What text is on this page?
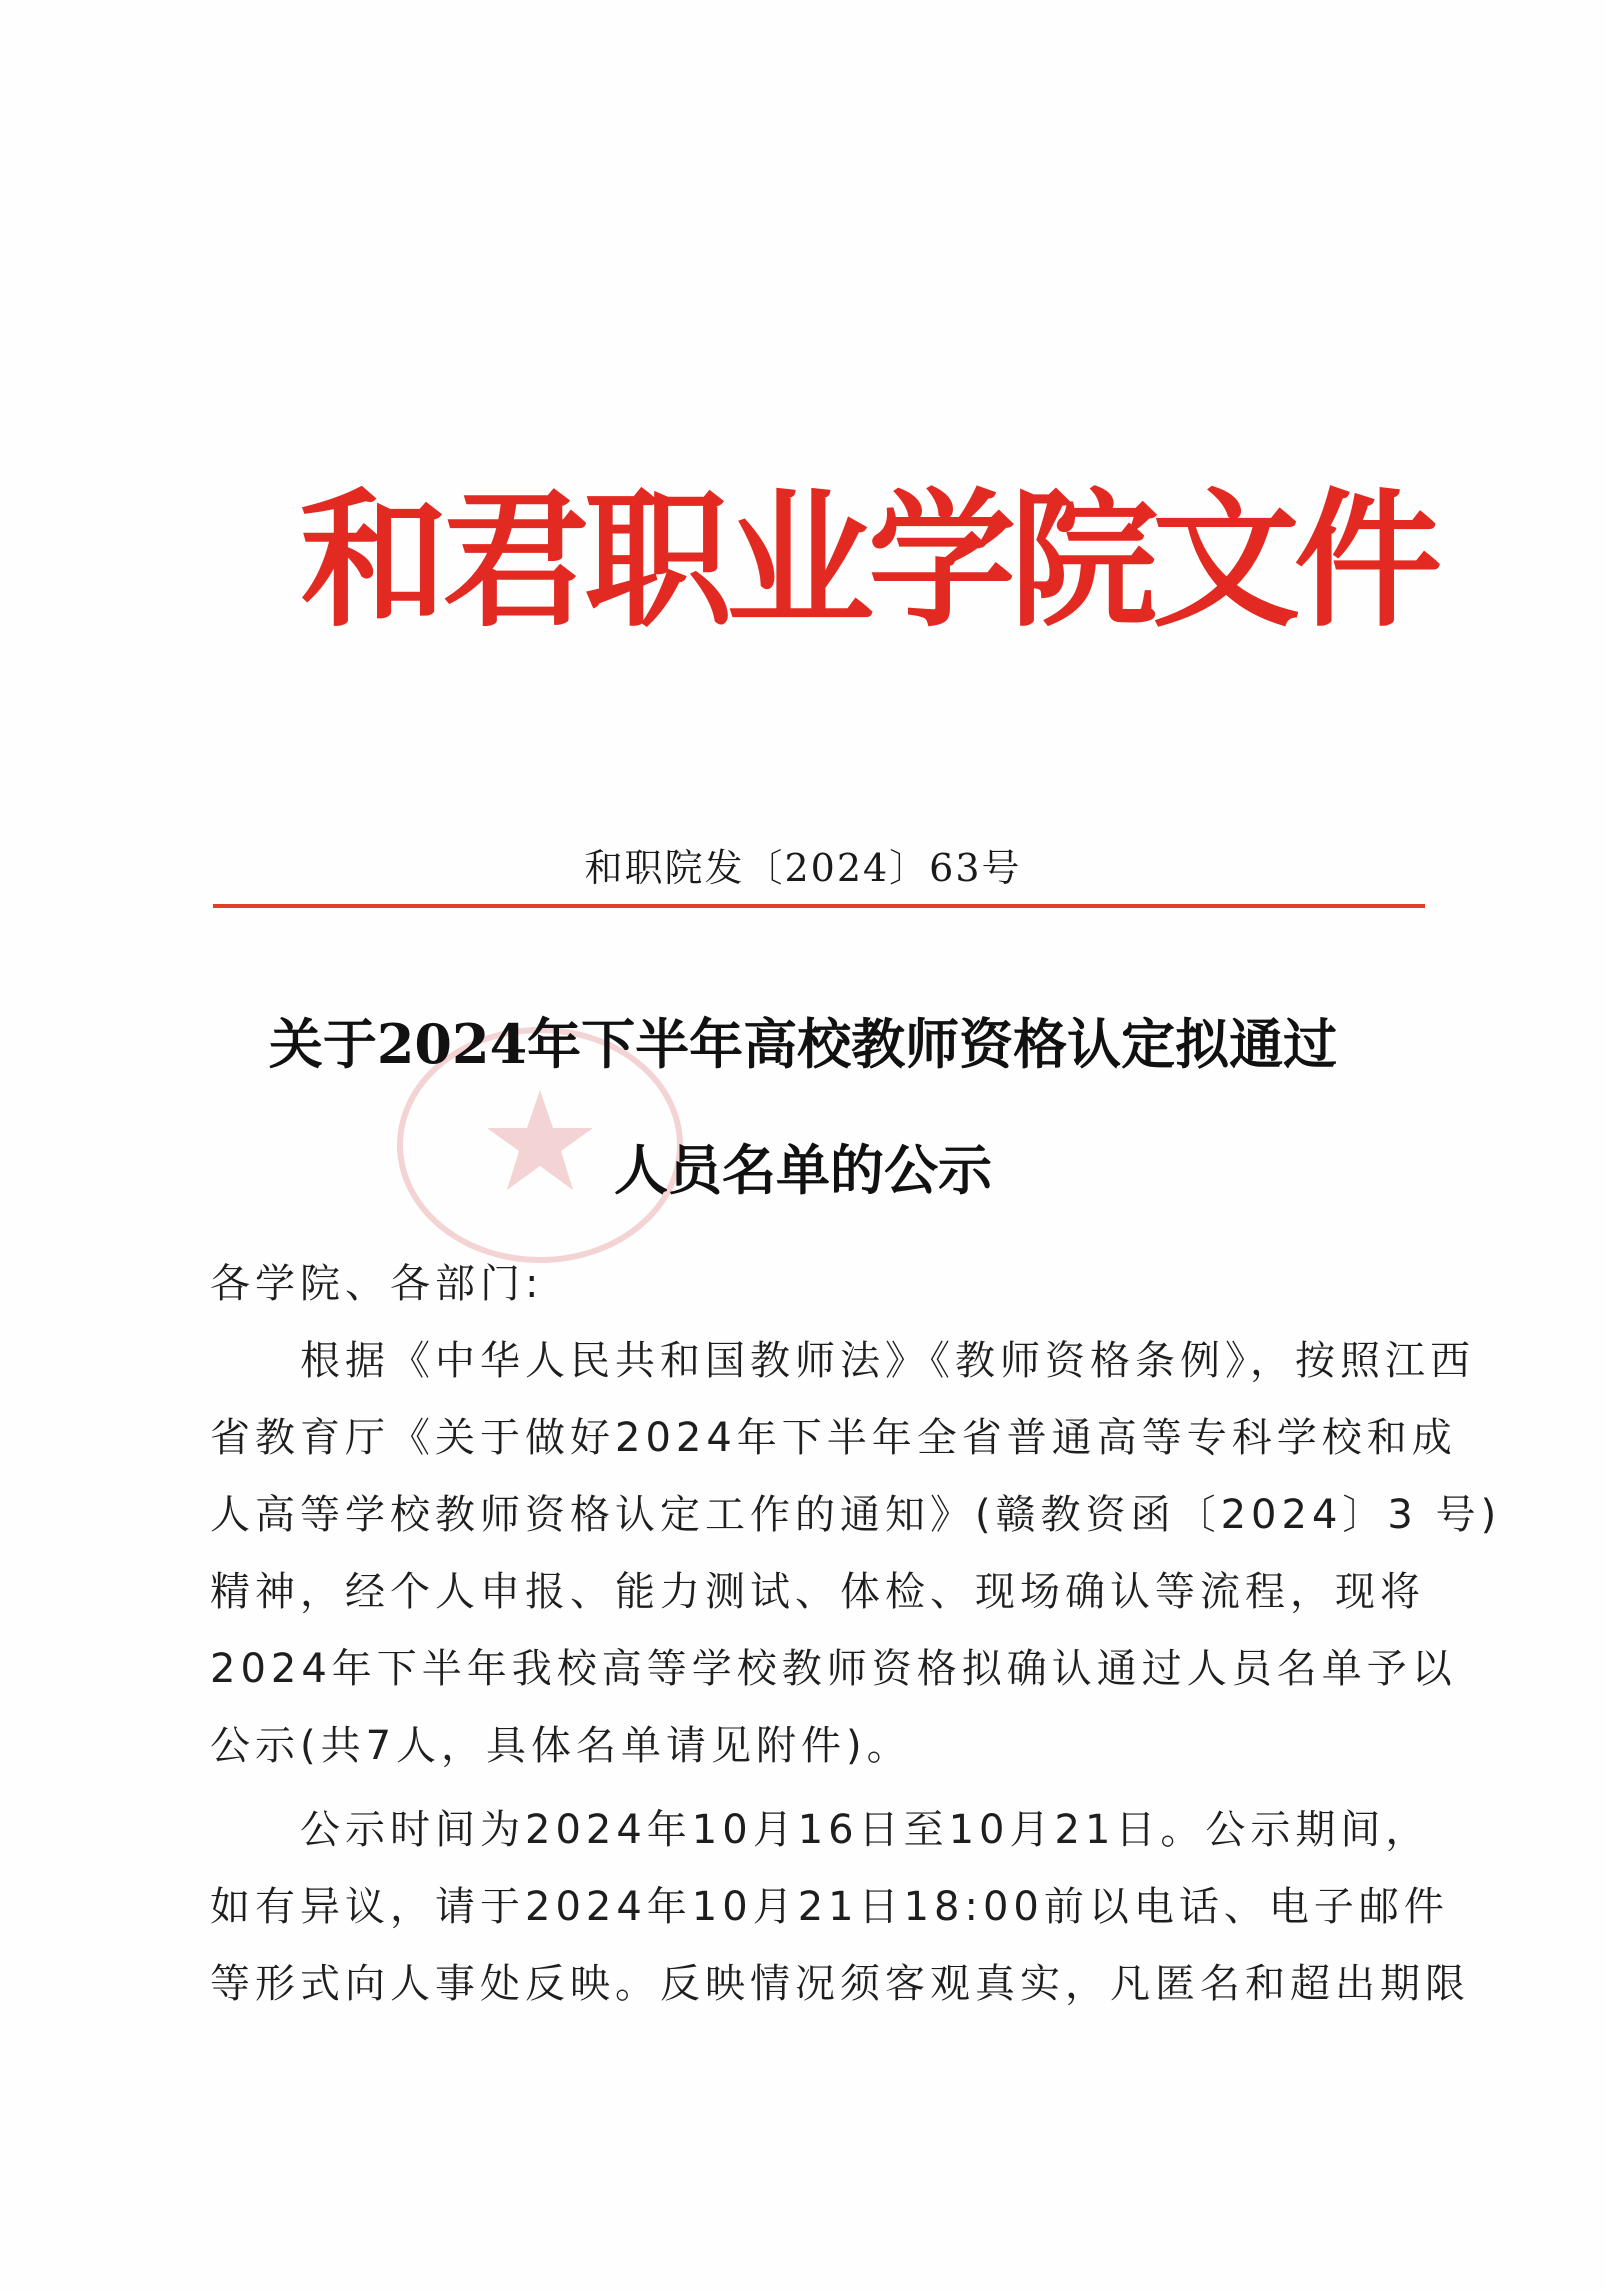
和君职业学院文件
和职院发〔2024〕63号
关于2024年下半年高校教师资格认定拟通过
人员名单的公示
各学院、各部门:
　　根据《中华人民共和国教师法》《教师资格条例》，按照江西
省教育厅《关于做好2024年下半年全省普通高等专科学校和成
人高等学校教师资格认定工作的通知》(赣教资函〔2024〕3 号)
精神，经个人申报、能力测试、体检、现场确认等流程，现将
2024年下半年我校高等学校教师资格拟确认通过人员名单予以
公示(共7人，具体名单请见附件)。
　　公示时间为2024年10月16日至10月21日。公示期间，
如有异议，请于2024年10月21日18:00前以电话、电子邮件
等形式向人事处反映。反映情况须客观真实，凡匿名和超出期限
